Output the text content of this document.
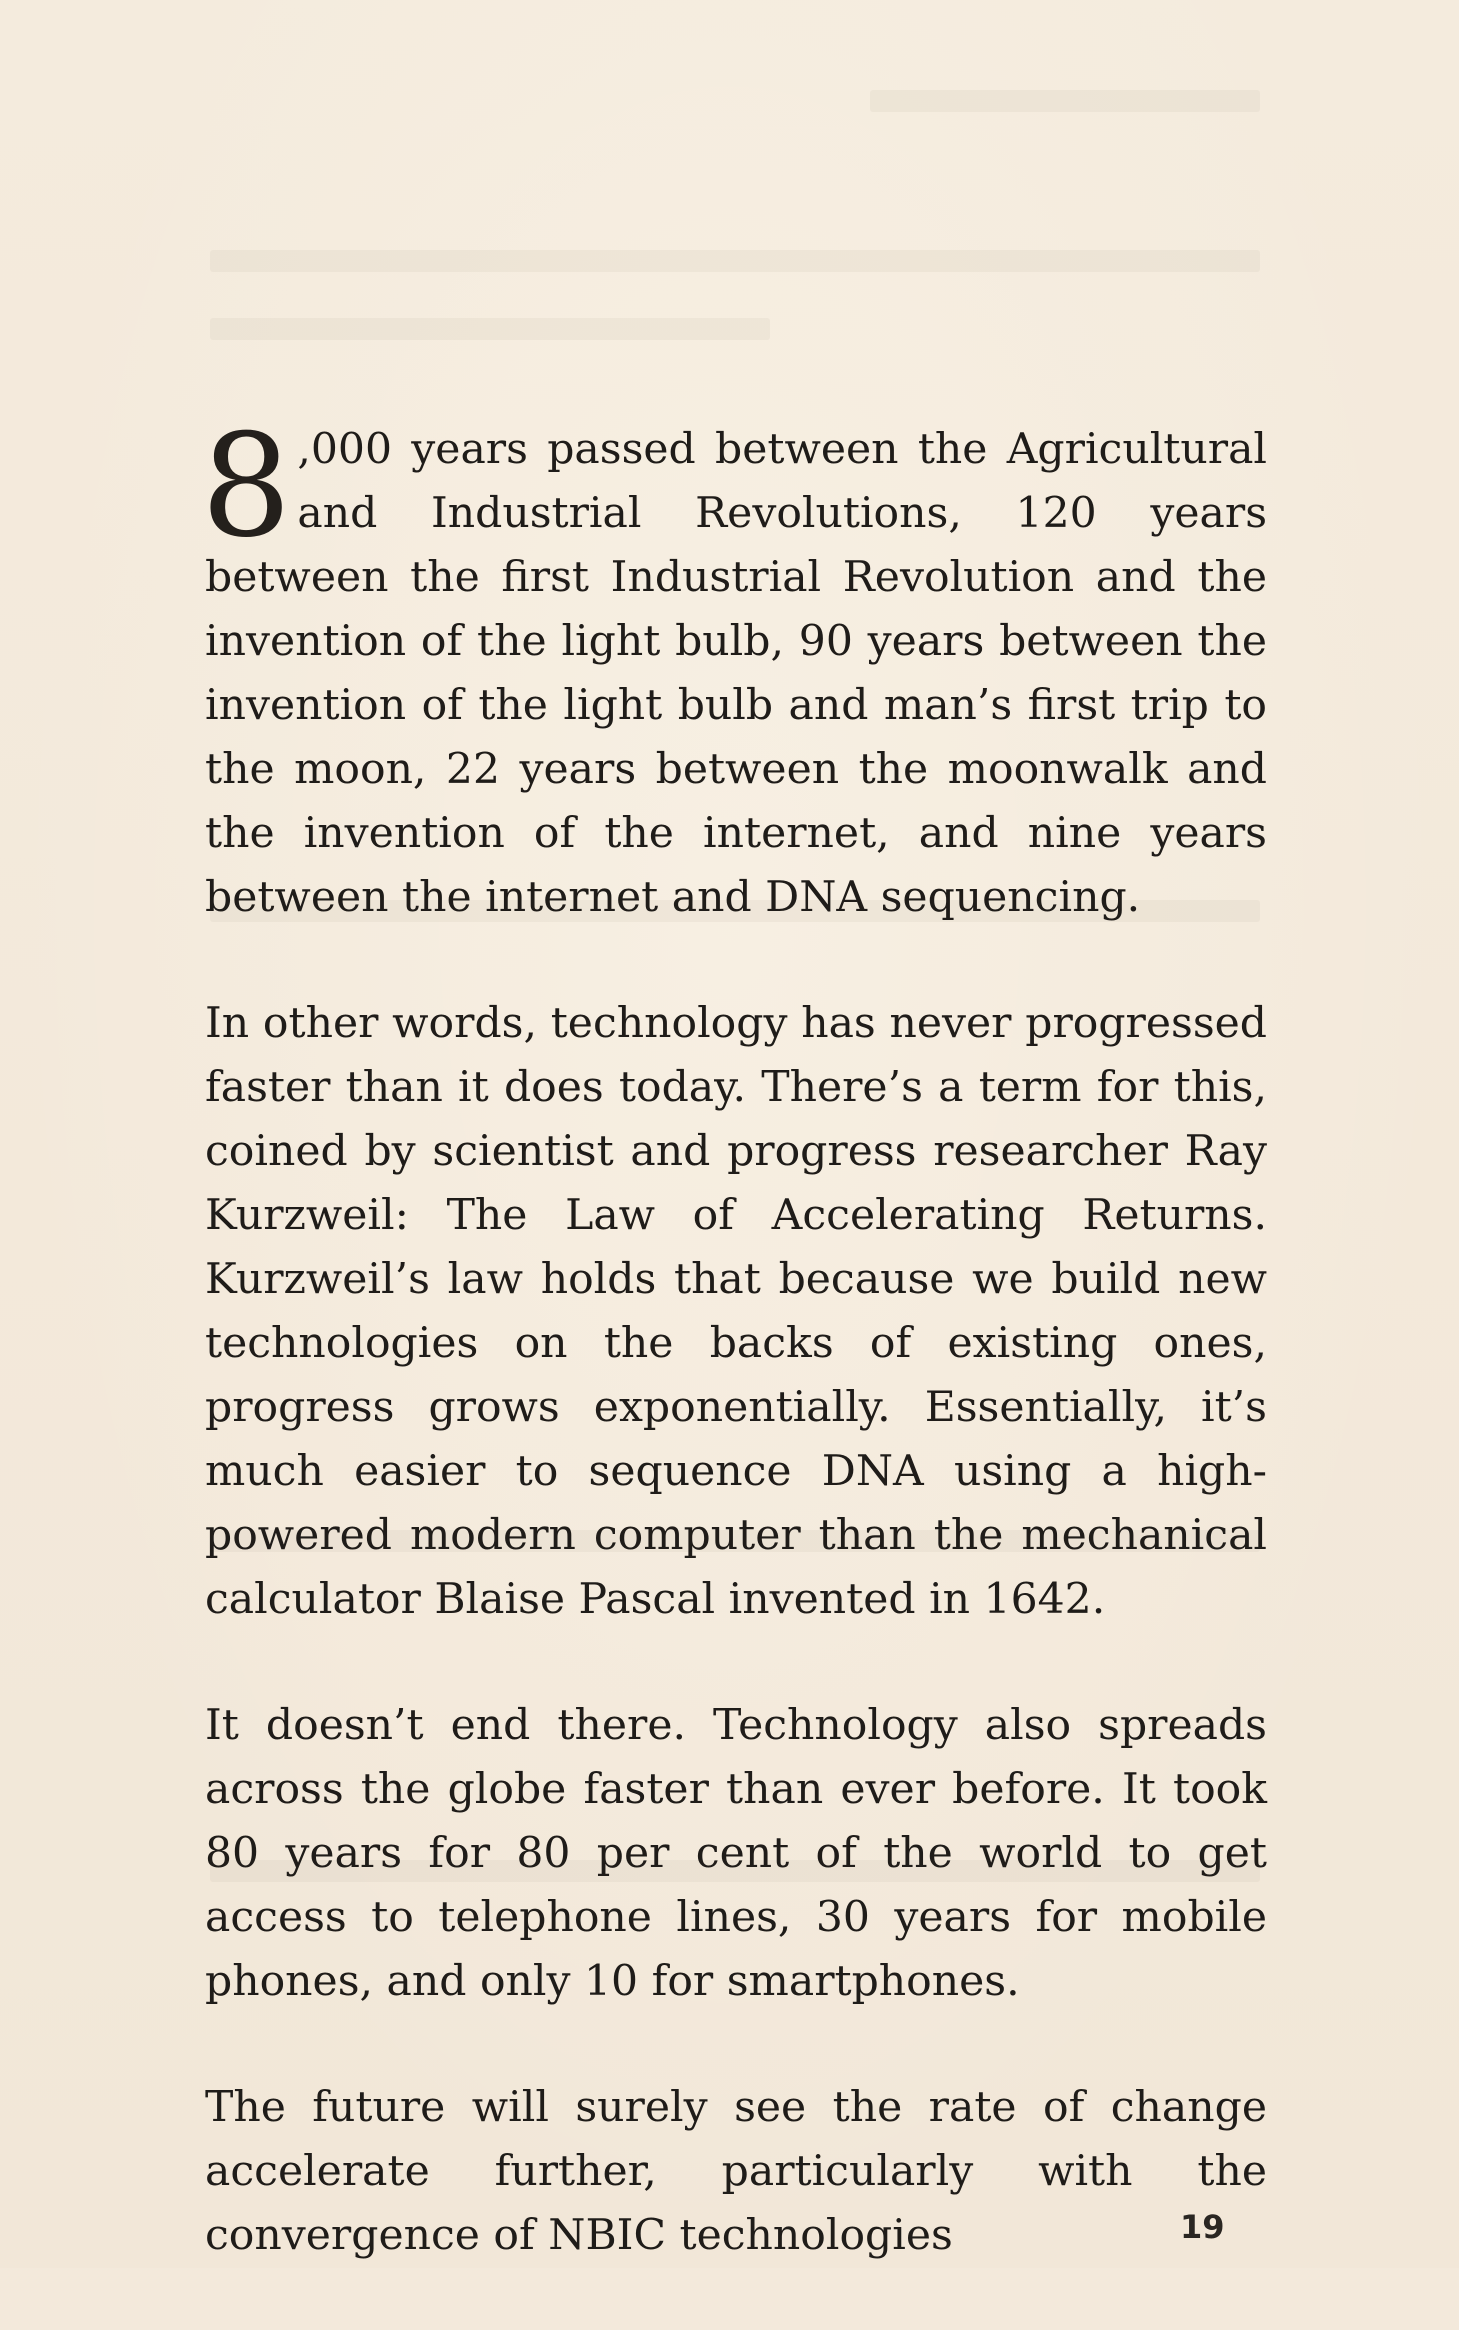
8 ,000 years passed between the Agricultural and Industrial Revolutions, 120 years between the first Industrial Revolution and the invention of the light bulb, 90 years between the invention of the light bulb and man’s first trip to the moon, 22 years between the moonwalk and the invention of the internet, and nine years between the internet and DNA sequencing.

In other words, technology has never progressed faster than it does today. There’s a term for this, coined by scientist and progress researcher Ray Kurzweil: The Law of Accelerating Returns. Kurzweil’s law holds that because we build new technologies on the backs of existing ones, progress grows exponentially. Essentially, it’s much easier to sequence DNA using a high-powered modern computer than the mechanical calculator Blaise Pascal invented in 1642.

It doesn’t end there. Technology also spreads across the globe faster than ever before. It took 80 years for 80 per cent of the world to get access to telephone lines, 30 years for mobile phones, and only 10 for smartphones.

The future will surely see the rate of change accelerate further, particularly with the convergence of NBIC technologies	19
